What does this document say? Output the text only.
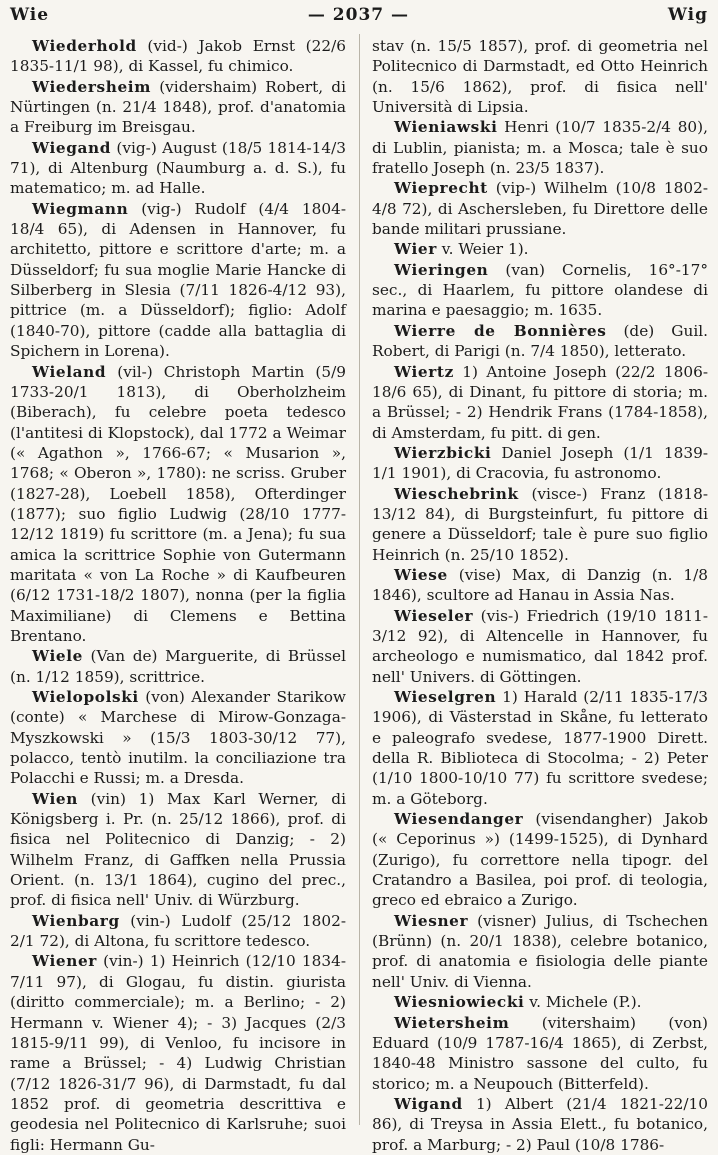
Wie	— 2037 —	Wig
Wiederhold (vid-) Jakob Ernst (22/6 1835-11/1 98), di Kassel, fu chimico.
Wiedersheim (vidershaim) Robert, di Nürtingen (n. 21/4 1848), prof. d'anatomia a Freiburg im Breisgau.
Wiegand (vig-) August (18/5 1814-14/3 71), di Altenburg (Naumburg a. d. S.), fu matematico; m. ad Halle.
Wiegmann (vig-) Rudolf (4/4 1804-18/4 65), di Adensen in Hannover, fu architetto, pittore e scrittore d'arte; m. a Düsseldorf; fu sua moglie Marie Hancke di Silberberg in Slesia (7/11 1826-4/12 93), pittrice (m. a Düsseldorf); figlio: Adolf (1840-70), pittore (cadde alla battaglia di Spichern in Lorena).
Wieland (vil-) Christoph Martin (5/9 1733-20/1 1813), di Oberholzheim (Biberach), fu celebre poeta tedesco (l'antitesi di Klopstock), dal 1772 a Weimar (« Agathon », 1766-67; « Musarion », 1768; « Oberon », 1780): ne scriss. Gruber (1827-28), Loebell 1858), Ofterdinger (1877); suo figlio Ludwig (28/10 1777-12/12 1819) fu scrittore (m. a Jena); fu sua amica la scrittrice Sophie von Gutermann maritata « von La Roche » di Kaufbeuren (6/12 1731-18/2 1807), nonna (per la figlia Maximiliane) di Clemens e Bettina Brentano.
Wiele (Van de) Marguerite, di Brüssel (n. 1/12 1859), scrittrice.
Wielopolski (von) Alexander Starikow (conte) « Marchese di Mirow-Gonzaga-Myszkowski » (15/3 1803-30/12 77), polacco, tentò inutilm. la conciliazione tra Polacchi e Russi; m. a Dresda.
Wien (vin) 1) Max Karl Werner, di Königsberg i. Pr. (n. 25/12 1866), prof. di fisica nel Politecnico di Danzig; - 2) Wilhelm Franz, di Gaffken nella Prussia Orient. (n. 13/1 1864), cugino del prec., prof. di fisica nell' Univ. di Würzburg.
Wienbarg (vin-) Ludolf (25/12 1802-2/1 72), di Altona, fu scrittore tedesco.
Wiener (vin-) 1) Heinrich (12/10 1834-7/11 97), di Glogau, fu distin. giurista (diritto commerciale); m. a Berlino; - 2) Hermann v. Wiener 4); - 3) Jacques (2/3 1815-9/11 99), di Venloo, fu incisore in rame a Brüssel; - 4) Ludwig Christian (7/12 1826-31/7 96), di Darmstadt, fu dal 1852 prof. di geometria descrittiva e geodesia nel Politecnico di Karlsruhe; suoi figli: Hermann Gu-
stav (n. 15/5 1857), prof. di geometria nel Politecnico di Darmstadt, ed Otto Heinrich (n. 15/6 1862), prof. di fisica nell' Università di Lipsia.
Wieniawski Henri (10/7 1835-2/4 80), di Lublin, pianista; m. a Mosca; tale è suo fratello Joseph (n. 23/5 1837).
Wieprecht (vip-) Wilhelm (10/8 1802-4/8 72), di Aschersleben, fu Direttore delle bande militari prussiane.
Wier v. Weier 1).
Wieringen (van) Cornelis, 16°-17° sec., di Haarlem, fu pittore olandese di marina e paesaggio; m. 1635.
Wierre de Bonnières (de) Guil. Robert, di Parigi (n. 7/4 1850), letterato.
Wiertz 1) Antoine Joseph (22/2 1806-18/6 65), di Dinant, fu pittore di storia; m. a Brüssel; - 2) Hendrik Frans (1784-1858), di Amsterdam, fu pitt. di gen.
Wierzbicki Daniel Joseph (1/1 1839-1/1 1901), di Cracovia, fu astronomo.
Wieschebrink (visce-) Franz (1818-13/12 84), di Burgsteinfurt, fu pittore di genere a Düsseldorf; tale è pure suo figlio Heinrich (n. 25/10 1852).
Wiese (vise) Max, di Danzig (n. 1/8 1846), scultore ad Hanau in Assia Nas.
Wieseler (vis-) Friedrich (19/10 1811-3/12 92), di Altencelle in Hannover, fu archeologo e numismatico, dal 1842 prof. nell' Univers. di Göttingen.
Wieselgren 1) Harald (2/11 1835-17/3 1906), di Västerstad in Skåne, fu letterato e paleografo svedese, 1877-1900 Dirett. della R. Biblioteca di Stocolma; - 2) Peter (1/10 1800-10/10 77) fu scrittore svedese; m. a Göteborg.
Wiesendanger (visendangher) Jakob (« Ceporinus ») (1499-1525), di Dynhard (Zurigo), fu correttore nella tipogr. del Cratandro a Basilea, poi prof. di teologia, greco ed ebraico a Zurigo.
Wiesner (visner) Julius, di Tschechen (Brünn) (n. 20/1 1838), celebre botanico, prof. di anatomia e fisiologia delle piante nell' Univ. di Vienna.
Wiesniowiecki v. Michele (P.).
Wietersheim (vitershaim) (von) Eduard (10/9 1787-16/4 1865), di Zerbst, 1840-48 Ministro sassone del culto, fu storico; m. a Neupouch (Bitterfeld).
Wigand 1) Albert (21/4 1821-22/10 86), di Treysa in Assia Elett., fu botanico, prof. a Marburg; - 2) Paul (10/8 1786-
